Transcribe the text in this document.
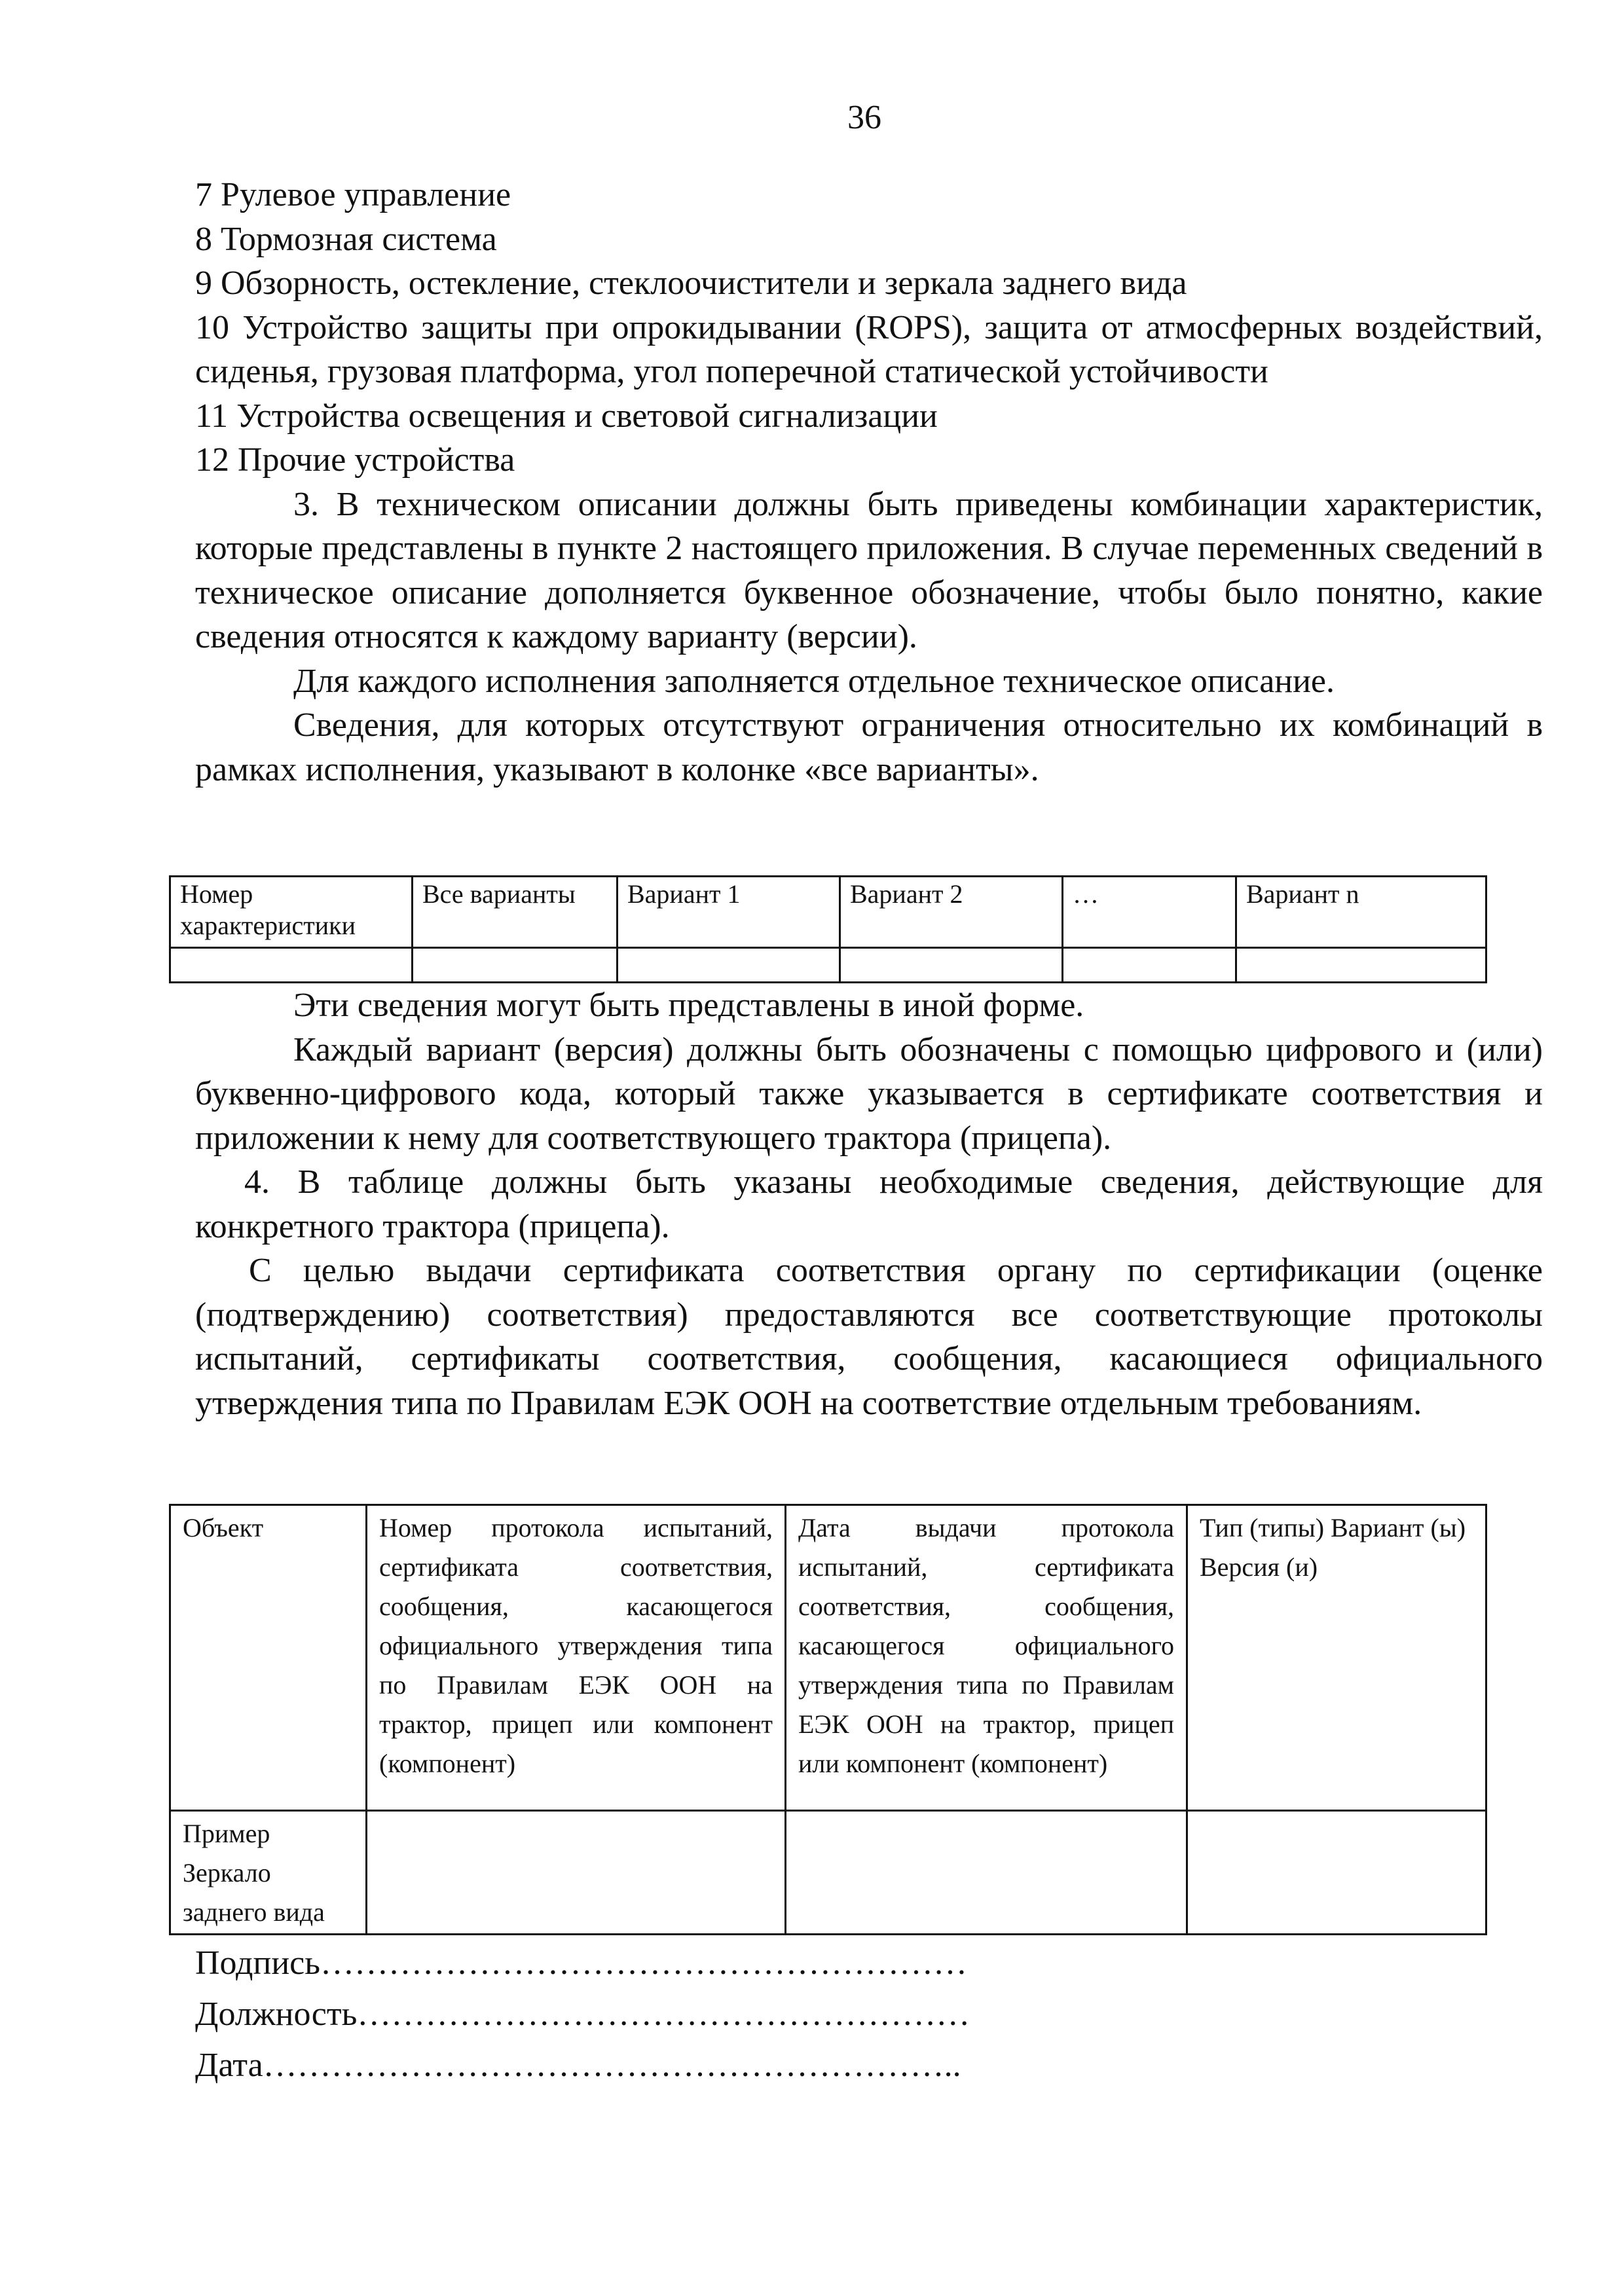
36

7 Рулевое управление

8 Тормозная система

9 Обзорность, остекление, стеклоочистители и зеркала заднего вида

10 Устройство защиты при опрокидывании (ROPS), защита от атмосферных воздействий, сиденья, грузовая платформа, угол поперечной статической устойчивости

11 Устройства освещения и световой сигнализации

12 Прочие устройства

3. В техническом описании должны быть приведены комбинации характеристик, которые представлены в пункте 2 настоящего приложения. В случае переменных сведений в техническое описание дополняется буквенное обозначение, чтобы было понятно, какие сведения относятся к каждому варианту (версии).

Для каждого исполнения заполняется отдельное техническое описание.

Сведения, для которых отсутствуют ограничения относительно их комбинаций в рамках исполнения, указывают в колонке «все варианты».

Номер характеристики	Все варианты	Вариант 1	Вариант 2	…	Вариант n

Эти сведения могут быть представлены в иной форме.

Каждый вариант (версия) должны быть обозначены с помощью цифрового и (или) буквенно-цифрового кода, который также указывается в сертификате соответствия и приложении к нему для соответствующего трактора (прицепа).

4. В таблице должны быть указаны необходимые сведения, действующие для конкретного трактора (прицепа).

С целью выдачи сертификата соответствия органу по сертификации (оценке (подтверждению) соответствия) предоставляются все соответствующие протоколы испытаний, сертификаты соответствия, сообщения, касающиеся официального утверждения типа по Правилам ЕЭК ООН на соответствие отдельным требованиям.

Объект	Номер протокола испытаний, сертификата соответствия, сообщения, касающегося официального утверждения типа по Правилам ЕЭК ООН на трактор, прицеп или компонент (компонент)	Дата выдачи протокола испытаний, сертификата соответствия, сообщения, касающегося официального утверждения типа по Правилам ЕЭК ООН на трактор, прицеп или компонент (компонент)	Тип (типы) Вариант (ы) Версия (и)
Пример Зеркало заднего вида			

Подпись…………………………………………………

Должность………………………………………………

Дата……………………………………………………..
